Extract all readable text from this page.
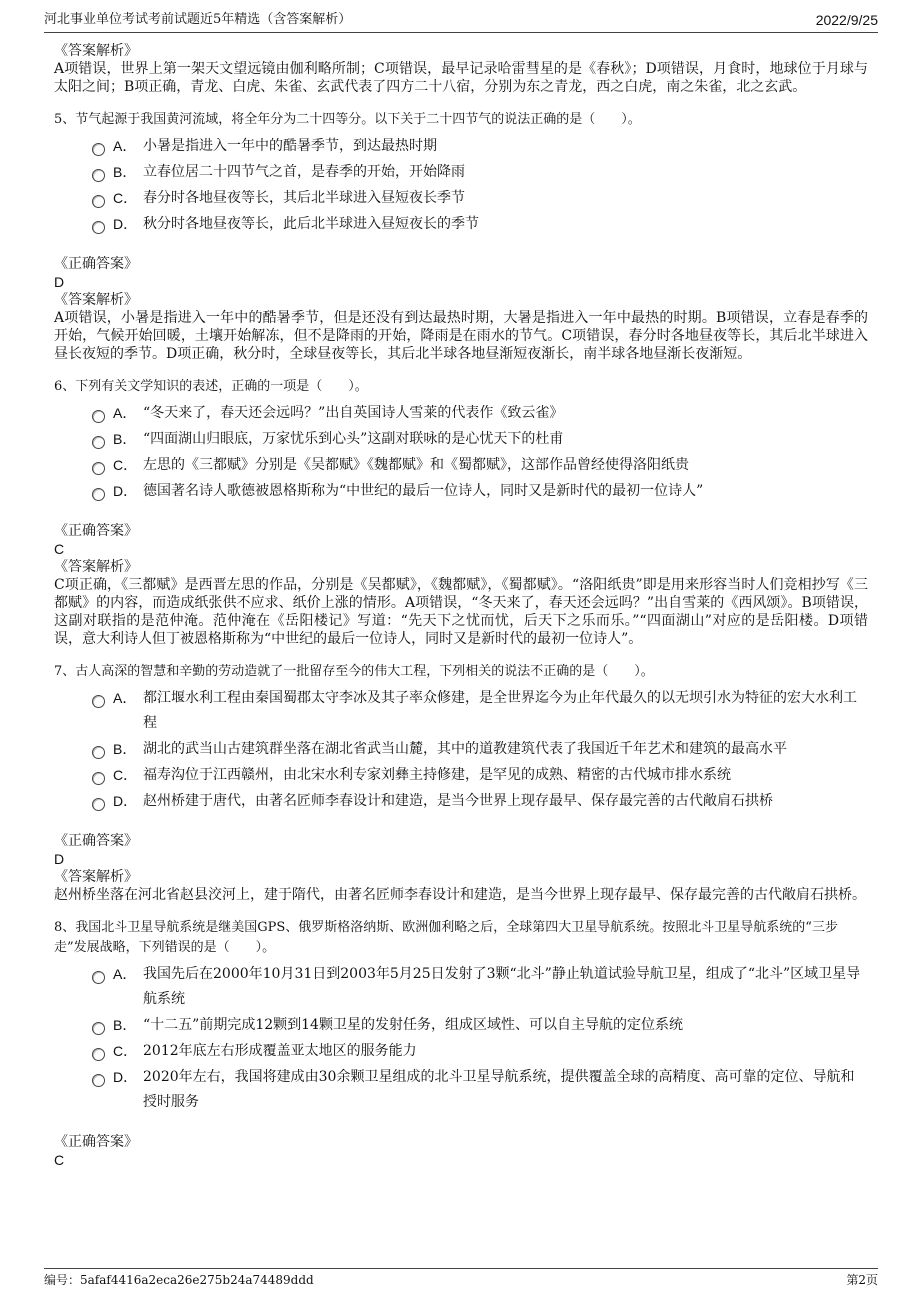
河北事业单位考试考前试题近5年精选（含答案解析）	2022/9/25

《答案解析》

A项错误，世界上第一架天文望远镜由伽利略所制；C项错误，最早记录哈雷彗星的是《春秋》；D项错误，月食时，地球位于月球与太阳之间；B项正确，青龙、白虎、朱雀、玄武代表了四方二十八宿，分别为东之青龙，西之白虎，南之朱雀，北之玄武。

5、节气起源于我国黄河流域，将全年分为二十四等分。以下关于二十四节气的说法正确的是（　　）。

A． 小暑是指进入一年中的酷暑季节，到达最热时期
B． 立春位居二十四节气之首，是春季的开始，开始降雨
C． 春分时各地昼夜等长，其后北半球进入昼短夜长季节
D． 秋分时各地昼夜等长，此后北半球进入昼短夜长的季节

《正确答案》

D

《答案解析》

A项错误，小暑是指进入一年中的酷暑季节，但是还没有到达最热时期，大暑是指进入一年中最热的时期。B项错误，立春是春季的开始，气候开始回暖，土壤开始解冻，但不是降雨的开始，降雨是在雨水的节气。C项错误，春分时各地昼夜等长，其后北半球进入昼长夜短的季节。D项正确，秋分时，全球昼夜等长，其后北半球各地昼渐短夜渐长，南半球各地昼渐长夜渐短。

6、下列有关文学知识的表述，正确的一项是（　　）。

A． “冬天来了，春天还会远吗？”出自英国诗人雪莱的代表作《致云雀》
B． “四面湖山归眼底，万家忧乐到心头”这副对联咏的是心忧天下的杜甫
C． 左思的《三都赋》分别是《吴都赋》《魏都赋》和《蜀都赋》，这部作品曾经使得洛阳纸贵
D． 德国著名诗人歌德被恩格斯称为“中世纪的最后一位诗人，同时又是新时代的最初一位诗人”

《正确答案》

C

《答案解析》

C项正确，《三都赋》是西晋左思的作品，分别是《吴都赋》，《魏都赋》，《蜀都赋》。“洛阳纸贵”即是用来形容当时人们竞相抄写《三都赋》的内容，而造成纸张供不应求、纸价上涨的情形。A项错误，“冬天来了，春天还会远吗？”出自雪莱的《西风颂》。B项错误，这副对联指的是范仲淹。范仲淹在《岳阳楼记》写道：“先天下之忧而忧，后天下之乐而乐。”“四面湖山”对应的是岳阳楼。D项错误，意大利诗人但丁被恩格斯称为“中世纪的最后一位诗人，同时又是新时代的最初一位诗人”。

7、古人高深的智慧和辛勤的劳动造就了一批留存至今的伟大工程，下列相关的说法不正确的是（　　）。

A． 都江堰水利工程由秦国蜀郡太守李冰及其子率众修建，是全世界迄今为止年代最久的以无坝引水为特征的宏大水利工程
B． 湖北的武当山古建筑群坐落在湖北省武当山麓，其中的道教建筑代表了我国近千年艺术和建筑的最高水平
C． 福寿沟位于江西赣州，由北宋水利专家刘彝主持修建，是罕见的成熟、精密的古代城市排水系统
D． 赵州桥建于唐代，由著名匠师李春设计和建造，是当今世界上现存最早、保存最完善的古代敞肩石拱桥

《正确答案》

D

《答案解析》

赵州桥坐落在河北省赵县洨河上，建于隋代，由著名匠师李春设计和建造，是当今世界上现存最早、保存最完善的古代敞肩石拱桥。

8、我国北斗卫星导航系统是继美国GPS、俄罗斯格洛纳斯、欧洲伽利略之后，全球第四大卫星导航系统。按照北斗卫星导航系统的“三步走”发展战略，下列错误的是（　　）。

A． 我国先后在2000年10月31日到2003年5月25日发射了3颗“北斗”静止轨道试验导航卫星，组成了“北斗”区域卫星导航系统
B． “十二五”前期完成12颗到14颗卫星的发射任务，组成区域性、可以自主导航的定位系统
C． 2012年底左右形成覆盖亚太地区的服务能力
D． 2020年左右，我国将建成由30余颗卫星组成的北斗卫星导航系统，提供覆盖全球的高精度、高可靠的定位、导航和授时服务

《正确答案》

C

编号：5afaf4416a2eca26e275b24a74489ddd	第2页
